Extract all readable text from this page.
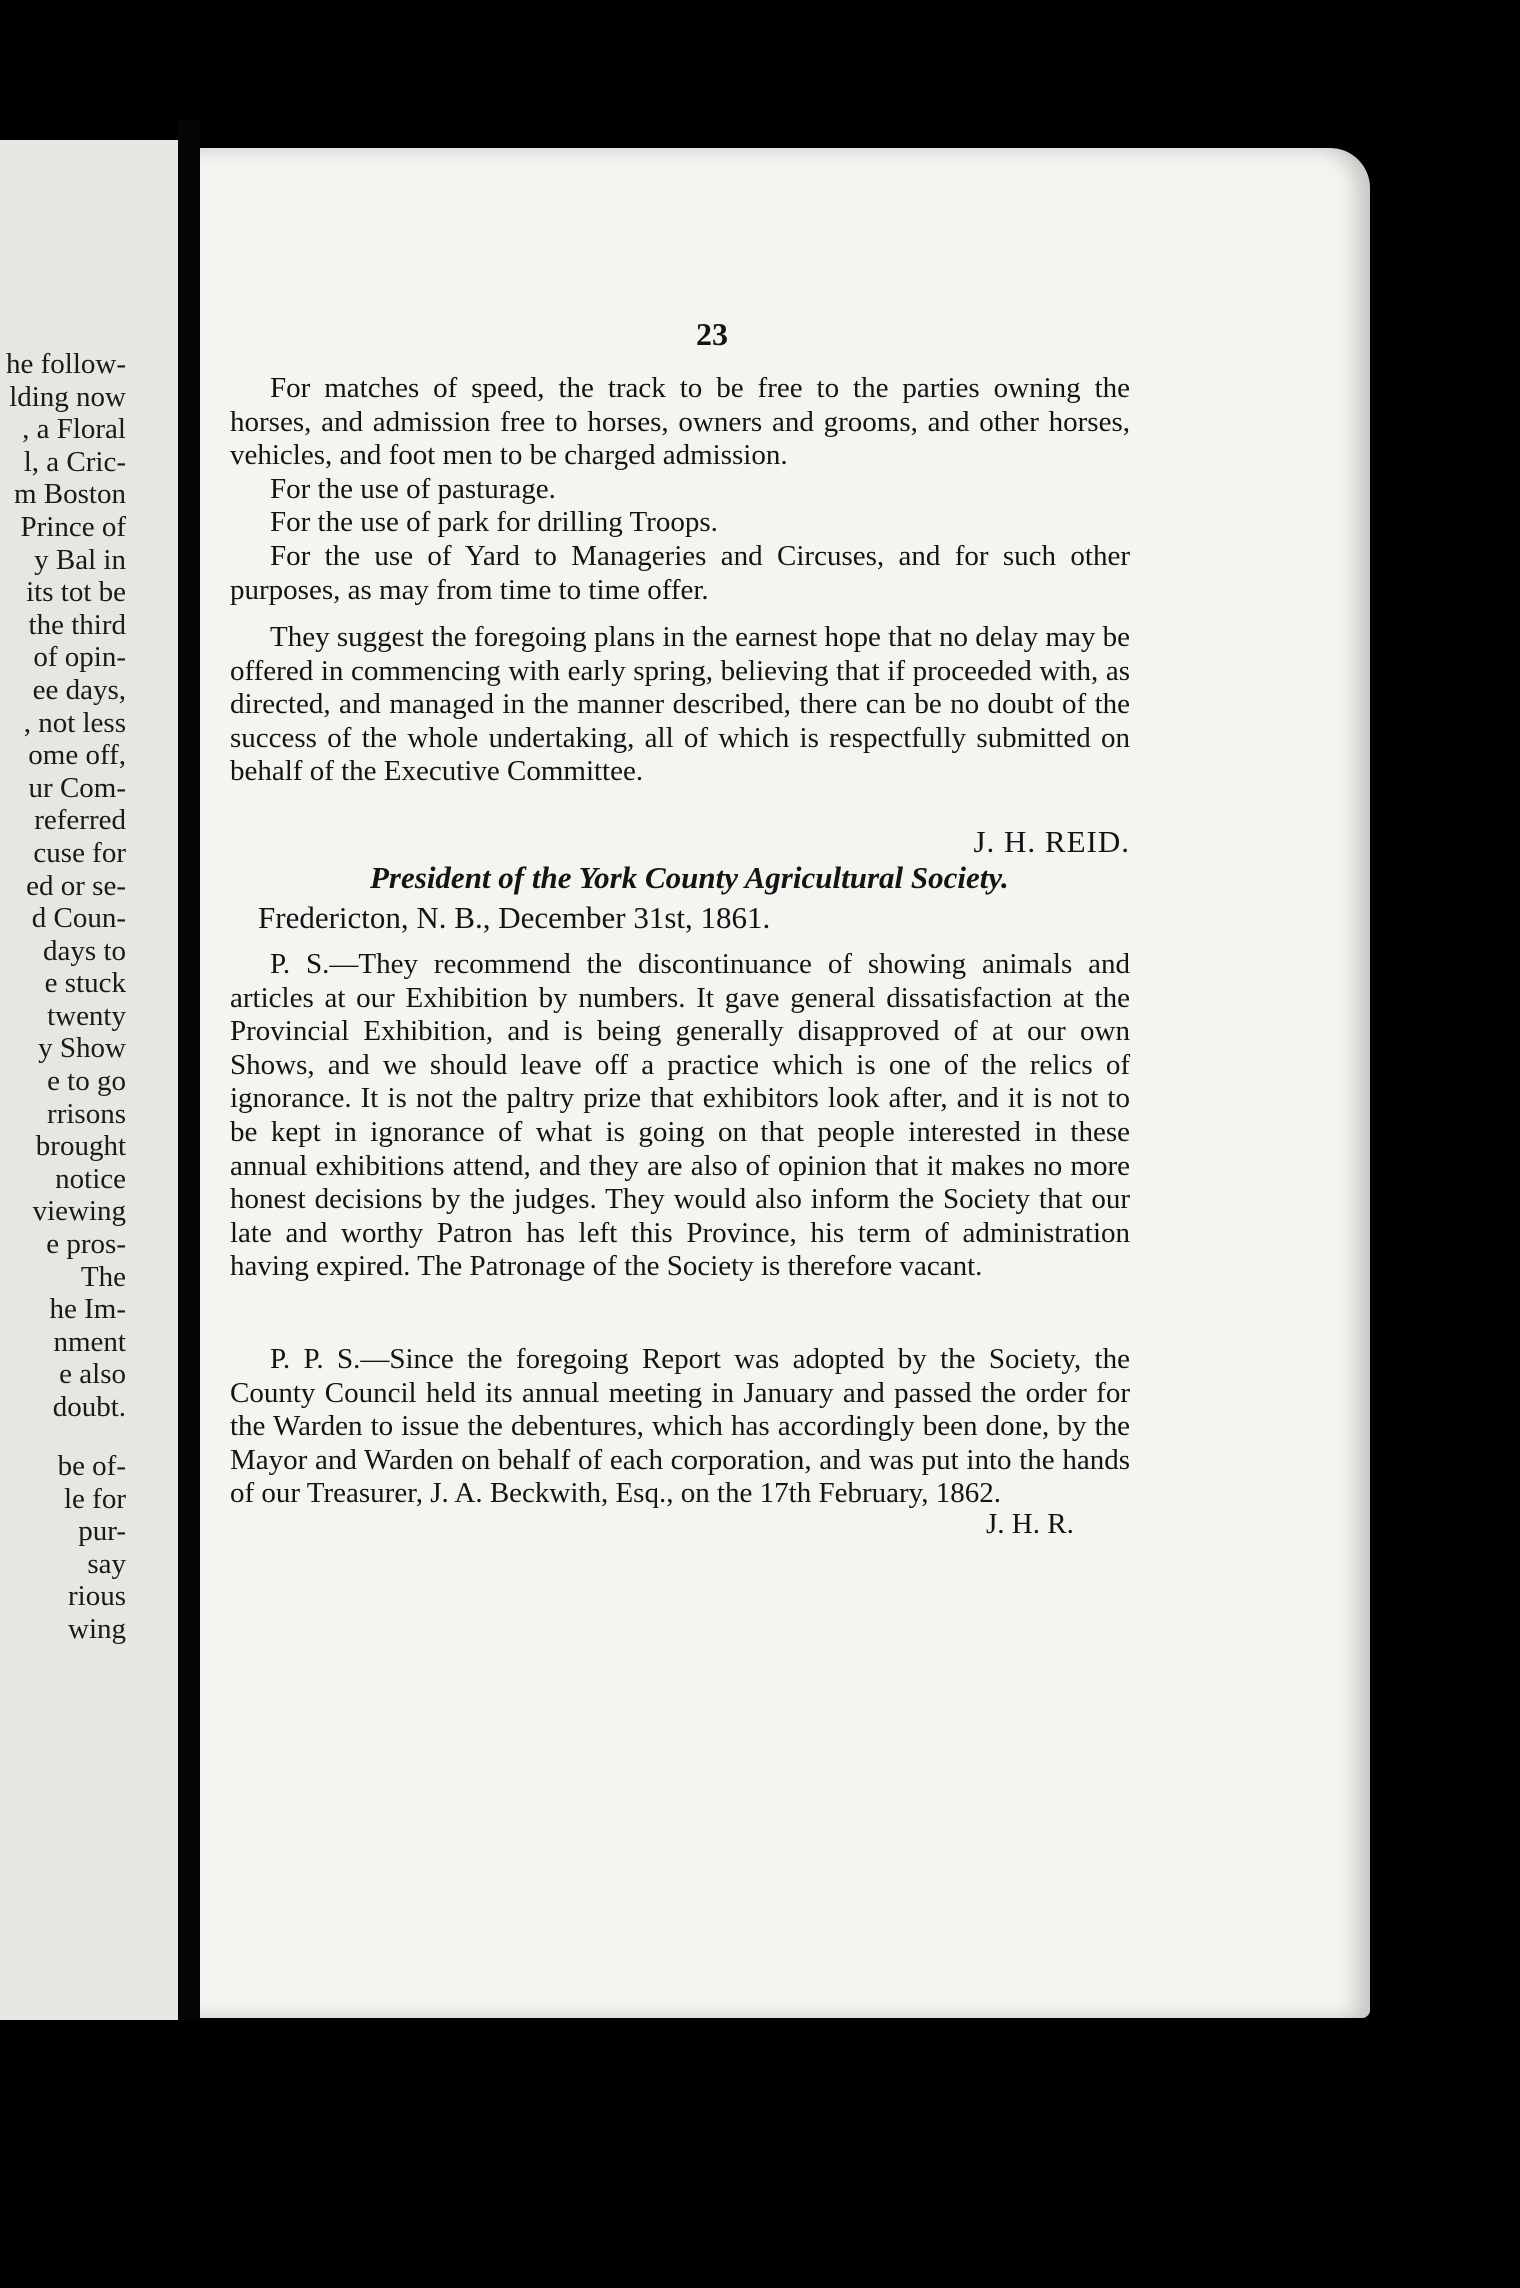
he follow-
lding now
, a Floral
l, a Cric-
m Boston
Prince of
y Bal in
its tot be
the third
of opin-
ee days,
, not less
ome off,
ur Com-
referred
cuse for
ed or se-
d Coun-
days to
e stuck
twenty
y Show
e to go
rrisons
brought
notice
viewing
e pros-
The
he Im-
nment
e also
doubt.
be of-
le for
pur-
say
rious
wing
23

For matches of speed, the track to be free to the parties owning the horses, and admission free to horses, owners and grooms, and other horses, vehicles, and foot men to be charged admission.

For the use of pasturage.

For the use of park for drilling Troops.

For the use of Yard to Manageries and Circuses, and for such other purposes, as may from time to time offer.

They suggest the foregoing plans in the earnest hope that no delay may be offered in commencing with early spring, believing that if proceeded with, as directed, and managed in the manner described, there can be no doubt of the success of the whole undertaking, all of which is respectfully submitted on behalf of the Executive Committee.

J. H. REID.
President of the York County Agricultural Society.
Fredericton, N. B., December 31st, 1861.

P. S.—They recommend the discontinuance of showing animals and articles at our Exhibition by numbers. It gave general dissatisfaction at the Provincial Exhibition, and is being generally disapproved of at our own Shows, and we should leave off a practice which is one of the relics of ignorance. It is not the paltry prize that exhibitors look after, and it is not to be kept in ignorance of what is going on that people interested in these annual exhibitions attend, and they are also of opinion that it makes no more honest decisions by the judges. They would also inform the Society that our late and worthy Patron has left this Province, his term of administration having expired. The Patronage of the Society is therefore vacant.

P. P. S.—Since the foregoing Report was adopted by the Society, the County Council held its annual meeting in January and passed the order for the Warden to issue the debentures, which has accordingly been done, by the Mayor and Warden on behalf of each corporation, and was put into the hands of our Treasurer, J. A. Beckwith, Esq., on the 17th February, 1862.

J. H. R.
